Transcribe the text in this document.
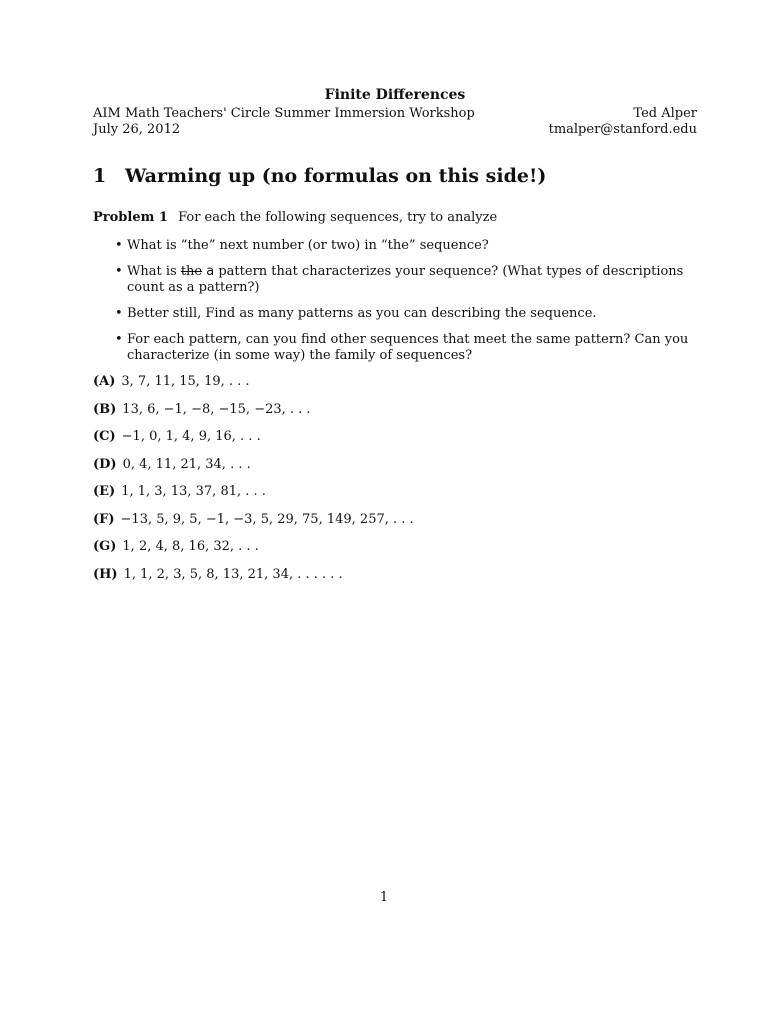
Finite Differences
AIM Math Teachers' Circle Summer Immersion Workshop	Ted Alper
July 26, 2012	tmalper@stanford.edu
1 Warming up (no formulas on this side!)
Problem 1 For each the following sequences, try to analyze
• What is “the” next number (or two) in “the” sequence?
• What is the a pattern that characterizes your sequence? (What types of descriptions count as a pattern?)
• Better still, Find as many patterns as you can describing the sequence.
• For each pattern, can you find other sequences that meet the same pattern? Can you characterize (in some way) the family of sequences?
(A) 3, 7, 11, 15, 19, . . .
(B) 13, 6, −1, −8, −15, −23, . . .
(C) −1, 0, 1, 4, 9, 16, . . .
(D) 0, 4, 11, 21, 34, . . .
(E) 1, 1, 3, 13, 37, 81, . . .
(F) −13, 5, 9, 5, −1, −3, 5, 29, 75, 149, 257, . . .
(G) 1, 2, 4, 8, 16, 32, . . .
(H) 1, 1, 2, 3, 5, 8, 13, 21, 34, . . . . . .
1
